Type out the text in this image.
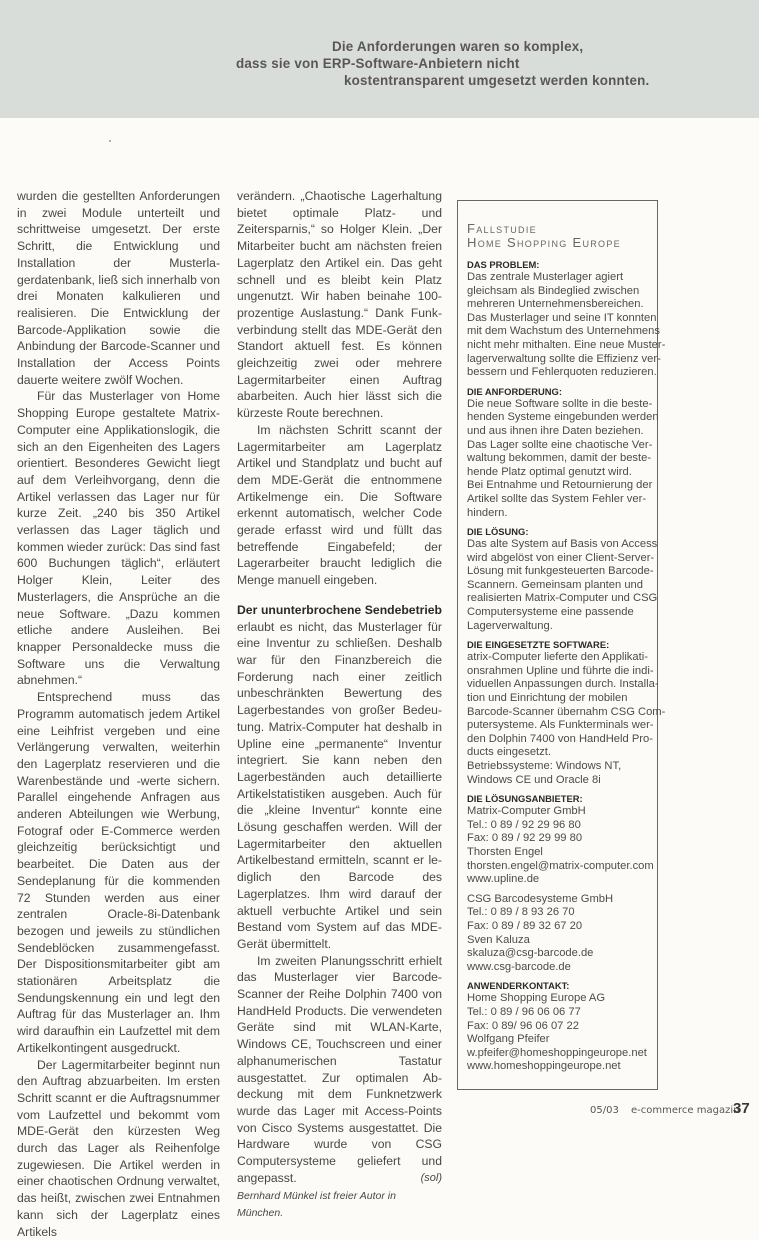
Die Anforderungen waren so komplex,
dass sie von ERP-Software-Anbietern nicht
kostentransparent umgesetzt werden konnten.

wurden die gestellten Anforderungen in zwei Module unterteilt und schrittweise umgesetzt. Der erste Schritt, die Entwicklung und Installation der Musterlagerdatenbank, ließ sich innerhalb von drei Monaten kalkulieren und realisieren. Die Entwicklung der Barcode-Applikation sowie die Anbindung der Barcode-Scanner und Installation der Access Points dauerte weitere zwölf Wochen.

Für das Musterlager von Home Shopping Europe gestaltete Matrix-Computer eine Applikationslogik, die sich an den Eigenheiten des Lagers orientiert. Besonderes Gewicht liegt auf dem Verleihvorgang, denn die Artikel verlassen das Lager nur für kurze Zeit. „240 bis 350 Artikel verlassen das Lager täglich und kommen wieder zurück: Das sind fast 600 Buchungen täglich“, erläutert Holger Klein, Leiter des Musterlagers, die Ansprüche an die neue Software. „Dazu kommen etliche andere Ausleihen. Bei knapper Personaldecke muss die Software uns die Verwaltung abnehmen.“

Entsprechend muss das Programm automatisch jedem Artikel eine Leihfrist vergeben und eine Verlängerung verwalten, weiterhin den Lagerplatz reservieren und die Warenbestände und -werte sichern. Parallel eingehende Anfragen aus anderen Abteilungen wie Werbung, Fotograf oder E-Commerce werden gleichzeitig berücksichtigt und bearbeitet. Die Daten aus der Sendeplanung für die kommenden 72 Stunden werden aus einer zentralen Oracle-8i-Datenbank bezogen und jeweils zu stündlichen Sendeblöcken zusammengefasst. Der Dispositionsmitarbeiter gibt am stationären Arbeitsplatz die Sendungskennung ein und legt den Auftrag für das Musterlager an. Ihm wird daraufhin ein Laufzettel mit dem Artikelkontingent ausgedruckt.

Der Lagermitarbeiter beginnt nun den Auftrag abzuarbeiten. Im ersten Schritt scannt er die Auftragsnummer vom Laufzettel und bekommt vom MDE-Gerät den kürzesten Weg durch das Lager als Reihenfolge zugewiesen. Die Artikel werden in einer chaotischen Ordnung verwaltet, das heißt, zwischen zwei Entnahmen kann sich der Lagerplatz eines Artikels

verändern. „Chaotische Lagerhaltung bietet optimale Platz- und Zeitersparnis,“ so Holger Klein. „Der Mitarbeiter bucht am nächsten freien Lagerplatz den Artikel ein. Das geht schnell und es bleibt kein Platz ungenutzt. Wir haben beinahe 100-prozentige Auslastung.“ Dank Funkverbindung stellt das MDE-Gerät den Standort aktuell fest. Es können gleichzeitig zwei oder mehrere Lagermitarbeiter einen Auftrag abarbeiten. Auch hier lässt sich die kürzeste Route berechnen.

Im nächsten Schritt scannt der Lagermitarbeiter am Lagerplatz Artikel und Standplatz und bucht auf dem MDE-Gerät die entnommene Artikelmenge ein. Die Software erkennt automatisch, welcher Code gerade erfasst wird und füllt das betreffende Eingabefeld; der Lagerarbeiter braucht lediglich die Menge manuell eingeben.

Der ununterbrochene Sendebetrieb erlaubt es nicht, das Musterlager für eine Inventur zu schließen. Deshalb war für den Finanzbereich die Forderung nach einer zeitlich unbeschränkten Bewertung des Lagerbestandes von großer Bedeutung. Matrix-Computer hat deshalb in Upline eine „permanente“ Inventur integriert. Sie kann neben den Lagerbeständen auch detaillierte Artikelstatistiken ausgeben. Auch für die „kleine Inventur“ konnte eine Lösung geschaffen werden. Will der Lagermitarbeiter den aktuellen Artikelbestand ermitteln, scannt er lediglich den Barcode des Lagerplatzes. Ihm wird darauf der aktuell verbuchte Artikel und sein Bestand vom System auf das MDE-Gerät übermittelt.

Im zweiten Planungsschritt erhielt das Musterlager vier Barcode-Scanner der Reihe Dolphin 7400 von HandHeld Products. Die verwendeten Geräte sind mit WLAN-Karte, Windows CE, Touchscreen und einer alphanumerischen Tastatur ausgestattet. Zur optimalen Abdeckung mit dem Funknetzwerk wurde das Lager mit Access-Points von Cisco Systems ausgestattet. Die Hardware wurde von CSG Computersysteme geliefert und angepasst.	(sol)

Bernhard Münkel ist freier Autor in München.

Fallstudie
Home Shopping Europe
DAS PROBLEM:
Das zentrale Musterlager agiert
gleichsam als Bindeglied zwischen
mehreren Unternehmensbereichen.
Das Musterlager und seine IT konnten
mit dem Wachstum des Unternehmens
nicht mehr mithalten. Eine neue Muster-
lagerverwaltung sollte die Effizienz ver-
bessern und Fehlerquoten reduzieren.
DIE ANFORDERUNG:
Die neue Software sollte in die beste-
henden Systeme eingebunden werden
und aus ihnen ihre Daten beziehen.
Das Lager sollte eine chaotische Ver-
waltung bekommen, damit der beste-
hende Platz optimal genutzt wird.
Bei Entnahme und Retournierung der
Artikel sollte das System Fehler ver-
hindern.
DIE LÖSUNG:
Das alte System auf Basis von Access
wird abgelöst von einer Client-Server-
Lösung mit funkgesteuerten Barcode-
Scannern. Gemeinsam planten und
realisierten Matrix-Computer und CSG
Computersysteme eine passende
Lagerverwaltung.
DIE EINGESETZTE SOFTWARE:
atrix-Computer lieferte den Applikati-
onsrahmen Upline und führte die indi-
viduellen Anpassungen durch. Installa-
tion und Einrichtung der mobilen
Barcode-Scanner übernahm CSG Com-
putersysteme. Als Funkterminals wer-
den Dolphin 7400 von HandHeld Pro-
ducts eingesetzt.
Betriebssysteme: Windows NT,
Windows CE und Oracle 8i
DIE LÖSUNGSANBIETER:
Matrix-Computer GmbH
Tel.: 0 89 / 92 29 96 80
Fax: 0 89 / 92 29 99 80
Thorsten Engel
thorsten.engel@matrix-computer.com
www.upline.de
CSG Barcodesysteme GmbH
Tel.: 0 89 / 8 93 26 70
Fax: 0 89 / 89 32 67 20
Sven Kaluza
skaluza@csg-barcode.de
www.csg-barcode.de
ANWENDERKONTAKT:
Home Shopping Europe AG
Tel.: 0 89 / 96 06 06 77
Fax: 0 89/ 96 06 07 22
Wolfgang Pfeifer
w.pfeifer@homeshoppingeurope.net
www.homeshoppingeurope.net
05/03 e-commerce magazin
37
